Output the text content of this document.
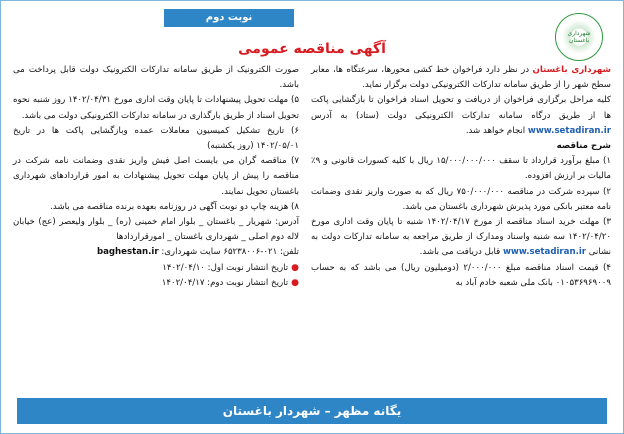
نوبت دوم
شهرداری باغستان
آگهی مناقصه عمومی

شهرداری باغستان در نظر دارد فراخوان خط کشی محورها، سرعتگاه ها، معابر سطح شهر را از طریق سامانه تدارکات الکترونیکی دولت برگزار نماید.

کلیه مراحل برگزاری فراخوان از دریافت و تحویل اسناد فراخوان تا بازگشایی پاکت ها از طریق درگاه سامانه تدارکات الکترونیکی دولت (ستاد) به آدرس www.setadiran.ir انجام خواهد شد.

شرح مناقصه

۱) مبلغ برآورد قرارداد تا سقف ۱۵/۰۰۰/۰۰۰/۰۰۰ ریال با کلیه کسورات قانونی و ۹٪ مالیات بر ارزش افزوده.

۲) سپرده شرکت در مناقصه ۷۵۰/۰۰۰/۰۰۰ ریال که به صورت واریز نقدی وضمانت نامه معتبر بانکی مورد پذیرش شهرداری باغستان می باشد.

۳) مهلت خرید اسناد مناقصه از مورخ ۱۴۰۲/۰۴/۱۷ شنبه تا پایان وقت اداری مورخ ۱۴۰۲/۰۴/۲۰ سه شنبه واسناد ومدارک از طریق مراجعه به سامانه تدارکات دولت به نشانی www.setadiran.ir قابل دریافت می باشد.

۴) قیمت اسناد مناقصه مبلغ ۲/۰۰۰/۰۰۰ (دومیلیون ریال) می باشد که به حساب ۰۱۰۵۳۶۹۶۹۰۰۹ بانک ملی شعبه خادم آباد به

صورت الکترونیک از طریق سامانه تدارکات الکترونیک دولت قابل پرداخت می باشد.

۵) مهلت تحویل پیشنهادات تا پایان وقت اداری مورخ ۱۴۰۲/۰۴/۳۱ روز شنبه نحوه تحویل اسناد از طریق بارگذاری در سامانه تدارکات الکترونیکی دولت می باشد.

۶) تاریخ تشکیل کمیسیون معاملات عمده وبازگشایی پاکت ها در تاریخ ۱۴۰۲/۰۵/۰۱ (روز یکشنبه)

۷) مناقصه گران می بایست اصل فیش واریز نقدی وضمانت نامه شرکت در مناقصه را پیش از پایان مهلت تحویل پیشنهادات به امور قراردادهای شهرداری باغستان تحویل نمایند.

۸) هزینه چاپ دو نوبت آگهی در روزنامه بعهده برنده مناقصه می باشد.

آدرس: شهریار _ باغستان _ بلوار امام خمینی (ره) _ بلوار ولیعصر (عج) خیابان لاله دوم اصلی _ شهرداری باغستان _ امورقراردادها

تلفن: ۰۲۱-۶۵۲۳۸۰۰۶ سایت شهرداری: baghestan.ir

●تاریخ انتشار نوبت اول: ۱۴۰۲/۰۴/۱۰

●تاریخ انتشار نوبت دوم: ۱۴۰۲/۰۴/۱۷

یگانه مظهر – شهردار باغستان
